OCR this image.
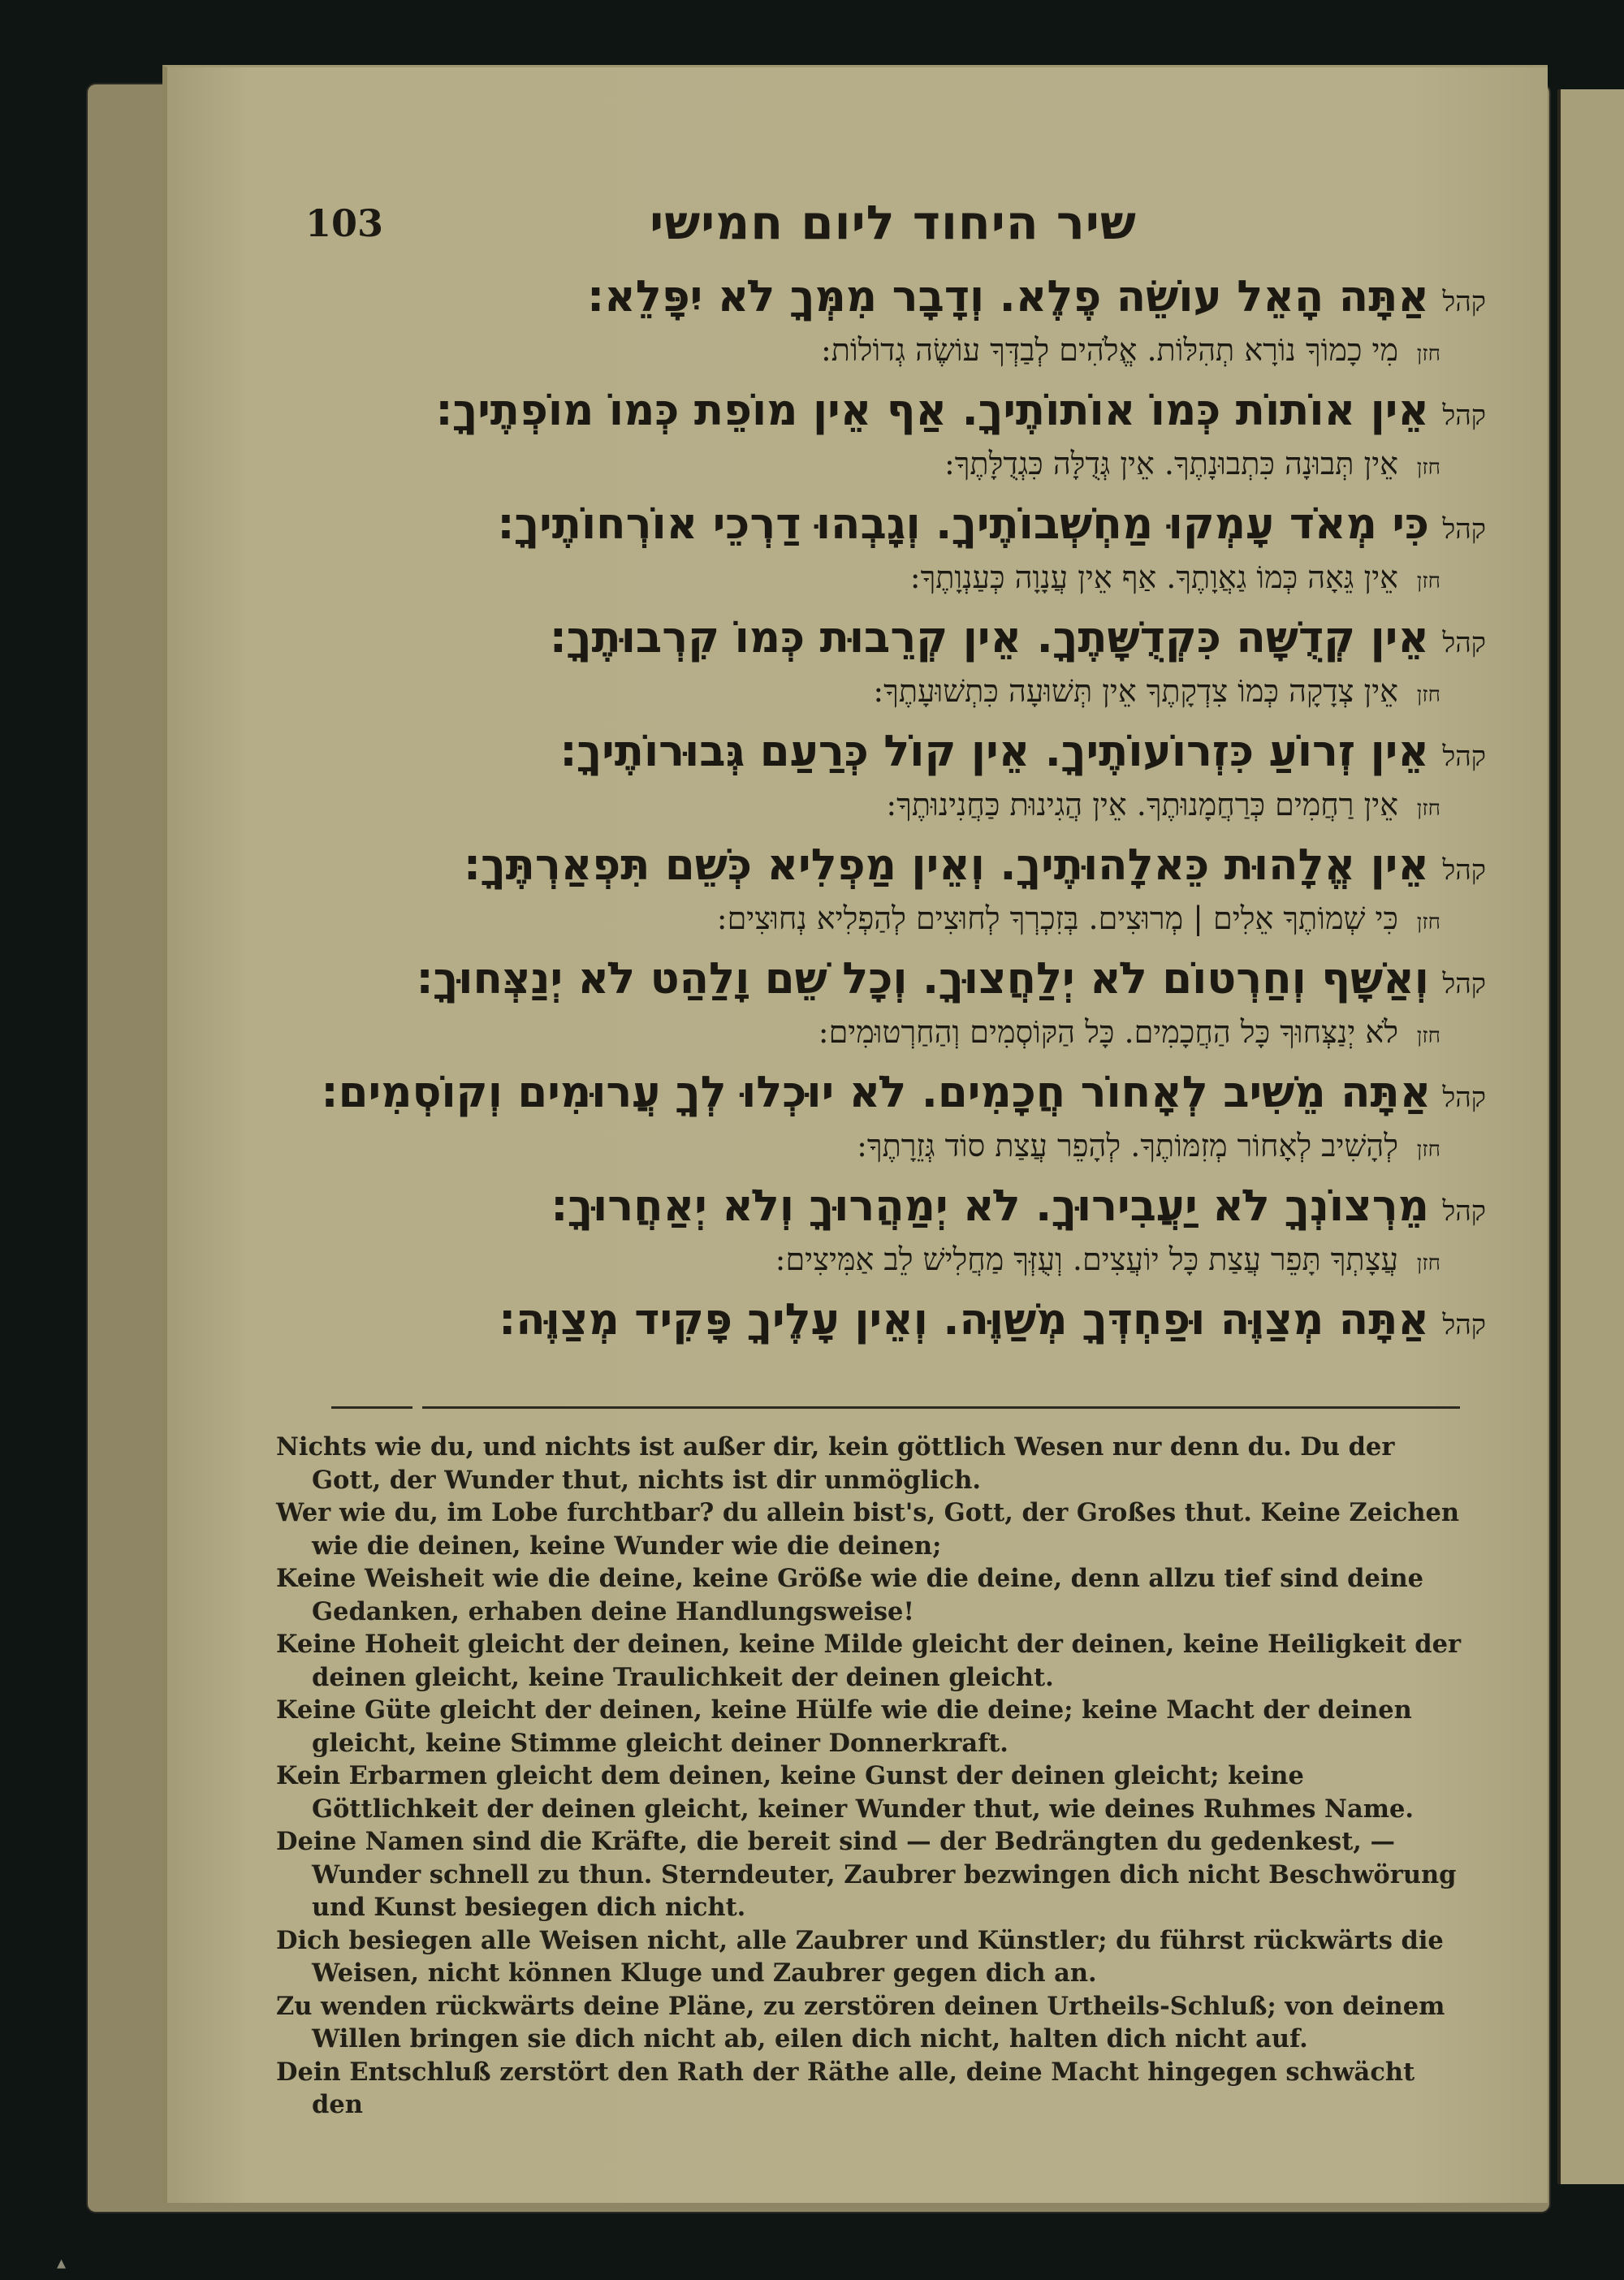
103	שיר היחוד ליום חמישי
קהל
אַתָּה הָאֵל עוֹשֵׂה פֶלֶא. וְדָבָר מִמְּךָ לֹא יִפָּלֵא:
חזן
מִי כָמוֹךָ נוֹרָא תְהִלּוֹת. אֱלֹהִים לְבַדְּךָ עוֹשֶׂה גְדוֹלוֹת:
קהל
אֵין אוֹתוֹת כְּמוֹ אוֹתוֹתֶיךָ. אַף אֵין מוֹפֵת כְּמוֹ מוֹפְתֶיךָ:
חזן
אֵין תְּבוּנָה כִּתְבוּנָתֶךָ. אֵין גְּדֻלָּה כִּגְדֻלָּתֶךָ:
קהל
כִּי מְאֹד עָמְקוּ מַחְשְׁבוֹתֶיךָ. וְגָבְהוּ דַרְכֵי אוֹרְחוֹתֶיךָ:
חזן
אֵין גֵּאָה כְּמוֹ גַאֲוָתֶךָ. אַף אֵין עֲנָוָה כְּעַנְוָתֶךָ:
קהל
אֵין קְדֻשָּׁה כִּקְדֻשָּׁתֶךָ. אֵין קְרֵבוּת כְּמוֹ קִרְבוּתֶךָ:
חזן
אֵין צְדָקָה כְּמוֹ צִדְקָתֶךָ אֵין תְּשׁוּעָה כִּתְשׁוּעָתֶךָ:
קהל
אֵין זְרוֹעַ כִּזְרוֹעוֹתֶיךָ. אֵין קוֹל כְּרַעַם גְּבוּרוֹתֶיךָ:
חזן
אֵין רַחֲמִים כְּרַחֲמָנוּתֶךָ. אֵין הֲגִינוּת כַּחֲנִינוּתֶךָ:
קהל
אֵין אֱלָהוּת כֵּאלָהוּתֶיךָ. וְאֵין מַפְלִיא כְּשֵׁם תִּפְאַרְתֶּךָ:
חזן
כִּי שְׁמוֹתֶךָ אֵלִים | מְרוּצִים. בְּזִכְרְךָ לְחוּצִים לְהַפְלִיא נְחוּצִים:
קהל
וְאַשָּׁף וְחַרְטוֹם לֹא יְלַחֲצוּךָ. וְכָל שֵׁם וָלַהַט לֹא יְנַצְּחוּךָ:
חזן
לֹא יְנַצְּחוּךָ כָּל הַחֲכָמִים. כָּל הַקּוֹסְמִים וְהַחַרְטוּמִים:
קהל
אַתָּה מֵשִׁיב לְאָחוֹר חֲכָמִים. לֹא יוּכְלוּ לְךָ עֲרוּמִים וְקוֹסְמִים:
חזן
לְהָשִׁיב לְאָחוֹר מְזִמּוֹתֶךָ. לְהָפֵר עֲצַת סוֹד גְּזֵרָתֶךָ:
קהל
מֵרְצוֹנְךָ לֹא יַעֲבִירוּךָ. לֹא יְמַהֲרוּךָ וְלֹא יְאַחֲרוּךָ:
חזן
עֲצָתְךָ תָּפֵר עֲצַת כָּל יוֹעֲצִים. וְעֻזְּךָ מַחֲלִישׁ לֵב אַמִּיצִים:
קהל
אַתָּה מְצַוֶּה וּפַחְדְּךָ מְשַׁוֶּה. וְאֵין עָלֶיךָ פָּקִיד מְצַוֶּה:
Nichts wie du, und nichts ist außer dir, kein göttlich Wesen nur denn du. Du der Gott, der Wunder thut, nichts ist dir unmöglich.
Wer wie du, im Lobe furchtbar? du allein bist's, Gott, der Großes thut. Keine Zeichen wie die deinen, keine Wunder wie die deinen;
Keine Weisheit wie die deine, keine Größe wie die deine, denn allzu tief sind deine Gedanken, erhaben deine Handlungsweise!
Keine Hoheit gleicht der deinen, keine Milde gleicht der deinen, keine Heiligkeit der deinen gleicht, keine Traulichkeit der deinen gleicht.
Keine Güte gleicht der deinen, keine Hülfe wie die deine; keine Macht der deinen gleicht, keine Stimme gleicht deiner Donnerkraft.
Kein Erbarmen gleicht dem deinen, keine Gunst der deinen gleicht; keine Göttlichkeit der deinen gleicht, keiner Wunder thut, wie deines Ruhmes Name.
Deine Namen sind die Kräfte, die bereit sind — der Bedrängten du gedenkest, — Wunder schnell zu thun. Sterndeuter, Zaubrer bezwingen dich nicht Beschwörung und Kunst besiegen dich nicht.
Dich besiegen alle Weisen nicht, alle Zaubrer und Künstler; du führst rückwärts die Weisen, nicht können Kluge und Zaubrer gegen dich an.
Zu wenden rückwärts deine Pläne, zu zerstören deinen Urtheils-Schluß; von deinem Willen bringen sie dich nicht ab, eilen dich nicht, halten dich nicht auf.
Dein Entschluß zerstört den Rath der Räthe alle, deine Macht hingegen schwächt den
▴
